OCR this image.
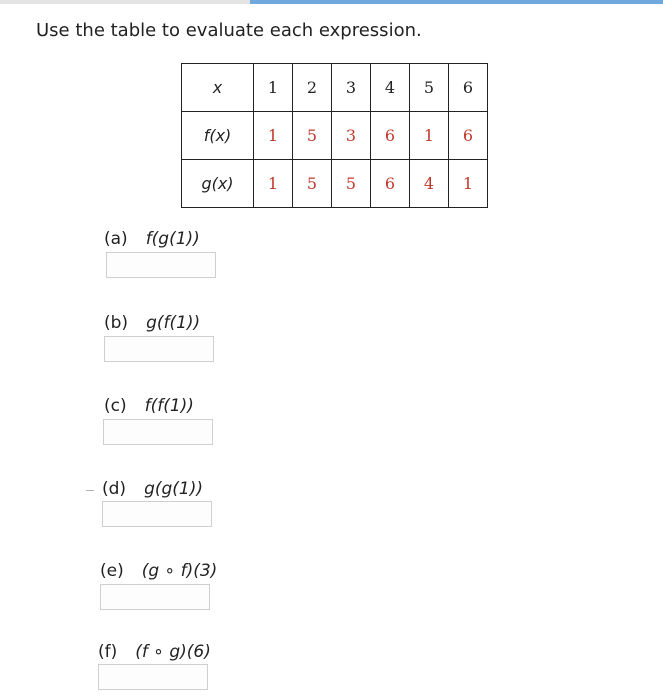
Use the table to evaluate each expression.
x	1	2	3	4	5	6
f(x)	1	5	3	6	1	6
g(x)	1	5	5	6	4	1
(a) f(g(1))
(b) g(f(1))
(c) f(f(1))
(d) g(g(1))
(e) (g ∘ f)(3)
(f) (f ∘ g)(6)
